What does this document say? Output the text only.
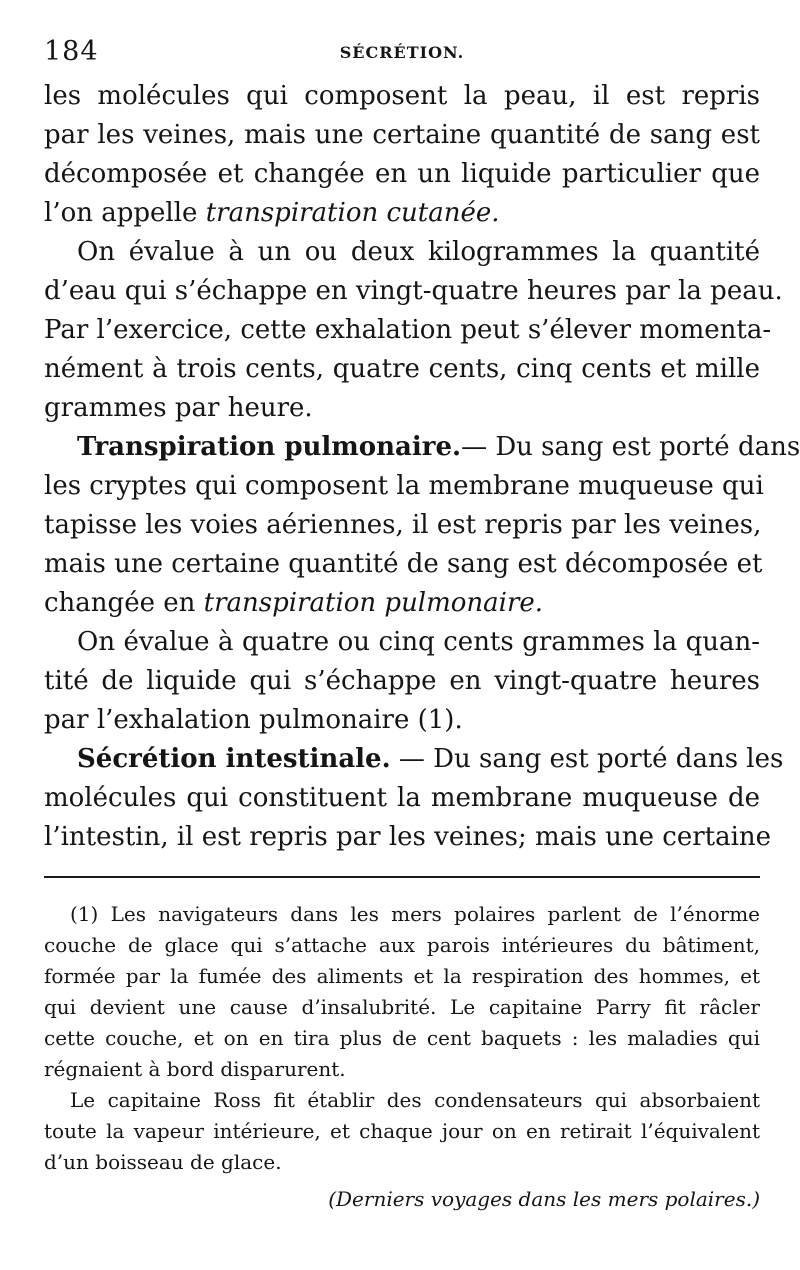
184	SÉCRÉTION.
les molécules qui composent la peau, il est repris
par les veines, mais une certaine quantité de sang est
décomposée et changée en un liquide particulier que
l’on appelle transpiration cutanée.
On évalue à un ou deux kilogrammes la quantité
d’eau qui s’échappe en vingt-quatre heures par la peau.
Par l’exercice, cette exhalation peut s’élever momenta-
nément à trois cents, quatre cents, cinq cents et mille
grammes par heure.
Transpiration pulmonaire.— Du sang est porté dans
les cryptes qui composent la membrane muqueuse qui
tapisse les voies aériennes, il est repris par les veines,
mais une certaine quantité de sang est décomposée et
changée en transpiration pulmonaire.
On évalue à quatre ou cinq cents grammes la quan-
tité de liquide qui s’échappe en vingt-quatre heures
par l’exhalation pulmonaire (1).
Sécrétion intestinale. — Du sang est porté dans les
molécules qui constituent la membrane muqueuse de
l’intestin, il est repris par les veines; mais une certaine
(1) Les navigateurs dans les mers polaires parlent de l’énorme
couche de glace qui s’attache aux parois intérieures du bâtiment,
formée par la fumée des aliments et la respiration des hommes, et
qui devient une cause d’insalubrité. Le capitaine Parry fit râcler
cette couche, et on en tira plus de cent baquets : les maladies qui
régnaient à bord disparurent.
Le capitaine Ross fit établir des condensateurs qui absorbaient
toute la vapeur intérieure, et chaque jour on en retirait l’équivalent
d’un boisseau de glace.
(Derniers voyages dans les mers polaires.)
